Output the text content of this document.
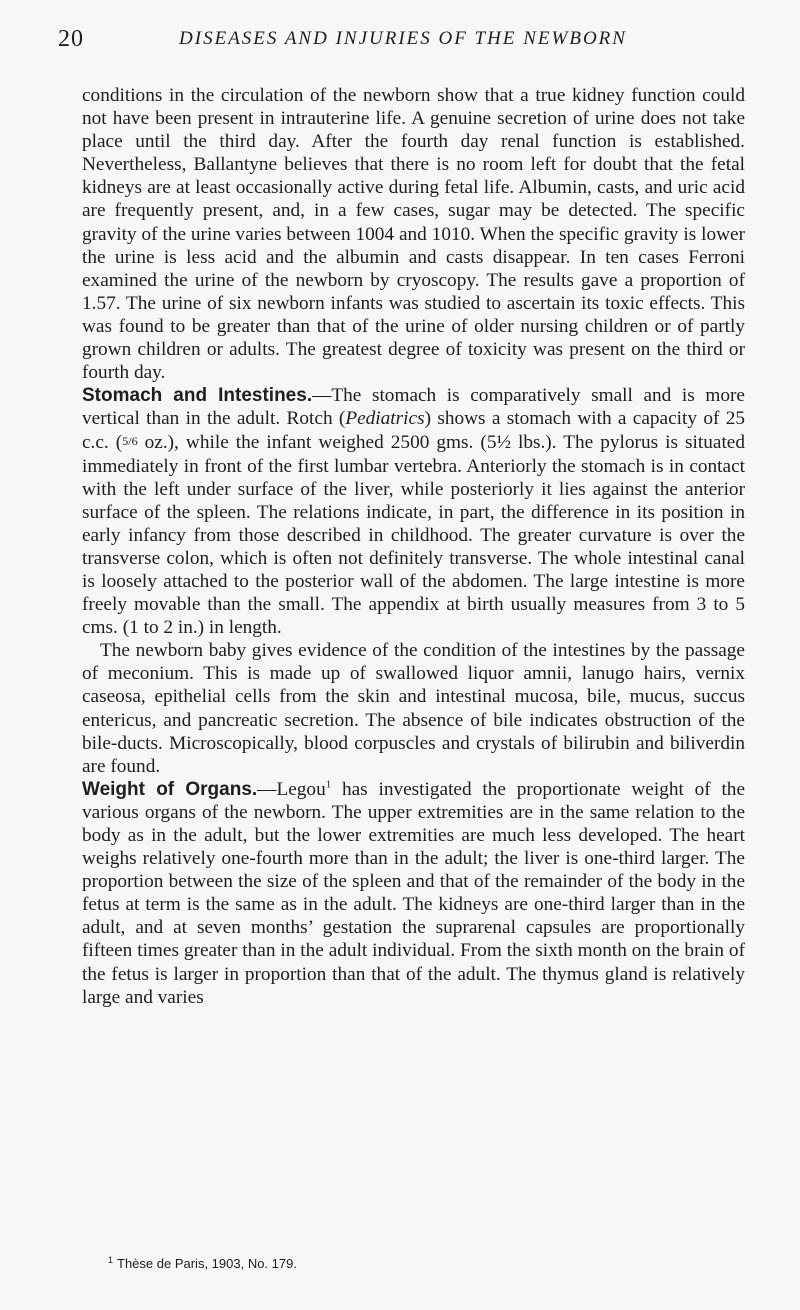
20	DISEASES AND INJURIES OF THE NEWBORN

conditions in the circulation of the newborn show that a true kidney function could not have been present in intrauterine life. A genuine secretion of urine does not take place until the third day. After the fourth day renal function is established. Nevertheless, Ballantyne believes that there is no room left for doubt that the fetal kidneys are at least occasionally active during fetal life. Albumin, casts, and uric acid are frequently present, and, in a few cases, sugar may be detected. The specific gravity of the urine varies between 1004 and 1010. When the specific gravity is lower the urine is less acid and the albumin and casts disappear. In ten cases Ferroni examined the urine of the newborn by cryoscopy. The results gave a proportion of 1.57. The urine of six newborn infants was studied to ascertain its toxic effects. This was found to be greater than that of the urine of older nursing children or of partly grown children or adults. The greatest degree of toxicity was present on the third or fourth day.

Stomach and Intestines.—The stomach is comparatively small and is more vertical than in the adult. Rotch (Pediatrics) shows a stomach with a capacity of 25 c.c. (5/6 oz.), while the infant weighed 2500 gms. (5½ lbs.). The pylorus is situated immediately in front of the first lumbar vertebra. Anteriorly the stomach is in contact with the left under surface of the liver, while posteriorly it lies against the anterior surface of the spleen. The relations indicate, in part, the difference in its position in early infancy from those described in childhood. The greater curvature is over the transverse colon, which is often not definitely transverse. The whole intestinal canal is loosely attached to the posterior wall of the abdomen. The large intestine is more freely movable than the small. The appendix at birth usually measures from 3 to 5 cms. (1 to 2 in.) in length.

The newborn baby gives evidence of the condition of the intestines by the passage of meconium. This is made up of swallowed liquor amnii, lanugo hairs, vernix caseosa, epithelial cells from the skin and intestinal mucosa, bile, mucus, succus entericus, and pancreatic secretion. The absence of bile indicates obstruction of the bile-ducts. Microscopically, blood corpuscles and crystals of bilirubin and biliverdin are found.

Weight of Organs.—Legou$^1$ has investigated the proportionate weight of the various organs of the newborn. The upper extremities are in the same relation to the body as in the adult, but the lower extremities are much less developed. The heart weighs relatively one-fourth more than in the adult; the liver is one-third larger. The proportion between the size of the spleen and that of the remainder of the body in the fetus at term is the same as in the adult. The kidneys are one-third larger than in the adult, and at seven months’ gestation the suprarenal capsules are proportionally fifteen times greater than in the adult individual. From the sixth month on the brain of the fetus is larger in proportion than that of the adult. The thymus gland is relatively large and varies

$^1$ Thèse de Paris, 1903, No. 179.
